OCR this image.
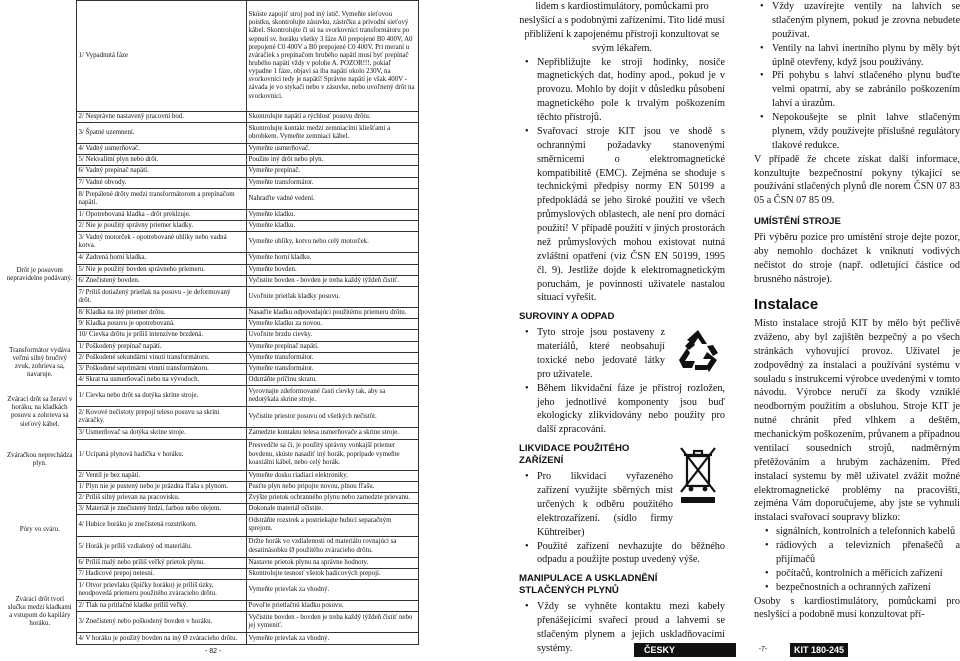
	1/ Vypadnutá fáze	Skúste zapojiť stroj pod iný istič. Vymeňte sieťovou poistku, skontrolujte zásuvku, zástrčku a prívodní sieťový kábel. Skontrolujte či sú na svorkovnici transformátoru po sepnutí sv. horáku všetky 3 fáze A0 prepojené B0 400V, A0 prepojené C0 400V a B0 prepojené C0 400V. Pri meraní u zváračiek s prepínačom hrubého napätí musí byť prepínač hrubého napätí vždy v polohe A. POZOR!!!, pokiaľ vypadne 1 fáze, objaví sa iba napätí okolo 230V, na svorkovnici tedy je napätí! Správne napätí je však 400V - závada je vo stykači nebo v zásuvke, nebo uvoľnený drôt na svorkovnici.
	2/ Nesprávne nastavený pracovní bod.	Skontrolujte napätí a rýchlosť posuvu drôtu.
	3/ Špatné uzemnení.	Skontrolujte kontakt medzi zemniacími kliešťami a obrobkem. Vymeňte zemniací kábel.
	4/ Vadný usmerňovač.	Vymeňte usmerňovač.
	5/ Nekvalitní plyn nebo drôt.	Použite iný drôt nebo plyn.
	6/ Vadný prepínač napätí.	Vymeňte prepínač.
	7/ Vadné obvody.	Vymeňte transformátor.
	8/ Prepálené drôty medzi transformátorom a prepínačom napätí.	Nahraďte vadné vedení.
Drôt je posuvom nepravidelne podávaný.	1/ Opotrebovaná kladka - drôt preklzuje.	Vymeňte kladku.
	2/ Nie je použitý správny priemer kladky.	Vymeňte kladku.
	3/ Vadný motorček - opotrebované uhlíky nebo vadná kotva.	Vymeňte uhlíky, kotvu nebo celý motorček.
	4/ Zadrená horní kladka.	Vymeňte horní kladku.
	5/ Nie je použitý bovden správneho priemeru.	Vymeňte bovden.
	6/ Znečistený bovden.	Vyčistite bovden - bovden je treba každý týždeň čistiť.
	7/ Príliš dotiažený prietlak na posuvu - je deformovaný drôt.	Uvoľnite prietlak kladky posuvu.
	8/ Kladka na iný priemer drôtu.	Nasaďte kladku odpovedajúci použitému priemeru drôtu.
	9/ Kladka posuvu je opotrebovaná.	Vymeňte kladku za novou.
	10/ Cievka drôtu je príliš intenzívne brzdená.	Uvoľnite brzdu cievky.
Transformátor vydáva veľmi silný bručivý zvuk, zohrieva sa, navaruje.	1/ Poškodený prepínač napätí.	Vymeňte prepínač napätí.
	2/ Poškodené sekundárni vinutí transformátoru.	Vymeňte transformátor.
	3/ Poškodené seprimárni vinutí transformátoru.	Vymeňte transformátor.
	4/ Skrat na usmerňovači nebo na vývodoch.	Odstráňte príčinu skratu.
Zvárací drôt sa žeraví v horáku, na kladkách posuvu a zohrieva sa sieťový kábel.	1/ Cievka nebo drôt sa dotýka skrine stroje.	Vyrovnajte zdeformované časti cievky tak, aby sa nedotýkala skrine stroje.
	2/ Kovové nečistoty prepojí teleso posuvu sa skrini zváračky.	Vyčistite priestor posuvu od všetkých nečistôt.
	3/ Usmerňovač sa dotýka skrine stroje.	Zamedzte kontaktu telesa usmerňovače a skrine stroje.
Zváračkou neprechádza plyn.	1/ Ucípaná plynová hadička v horáku.	Presvedčte sa či, je použitý správny vonkajší priemer bovdenu, skúste nasadiť iný horák, poprípade vymeňte koaxiálni kábel, nebo celý horák.
	2/ Ventil je bez napätí.	Vymeňte dosku riadiaci elektroniky.
Póry vo sváru.	1/ Plyn nie je pustený nebo je prázdna fľaša s plynom.	Pusťte plyn nebo pripojte novou, plnou fľašu.
	2/ Príliš silný prievan na pracovisku.	Zvýšte prietok ochranného plynu nebo zamedzte prievanu.
	3/ Materiál je znečistený hrdzí, farbou nebo olejem.	Dokonale materiál očistite.
	4/ Hubice horáku je znečistená rozstrikom.	Odstráňte rozstrek a postriekajte hubicí separačným sprejom.
	5/ Horák je príliš vzdialený od materiálu.	Držte horák vo vzdialenosti od materiálu rovnajúci sa desatinásobku Ø použitého zváracieho drôtu.
	6/ Príliš malý nebo príliš veľký prietok plynu.	Nastavte prietok plynu na správne hodnoty.
	7/ Hadicové prepoj netesní.	Skontrolujte tesnosť všetok hadicových prepojí.
Zvárací drôt tvorí slučku medzi kladkami a vstupom do kapiláry horáku.	1/ Otvor prievlaku (špičky horáku) je príliš úzky, neodpovedá priemeru použitého zváracieho drôtu.	Vymeňte prievlak za vhodný.
	2/ Tlak na prítlačné kladke príliš veľký.	Povoľte prietlačnú kladku posuvu.
	3/ Znečistený nebo poškodený bovden v horáku.	Vyčistite bovden - bovden je treba každý týždeň čistiť nebo jej vymeniť.
	4/ V horáku je použitý bovden na iný Ø zváracieho drôtu.	Vymeňte prievlak za vhodný.
- 82 -

lidem s kardiostimulátory, pomůckami pro neslyšící a s podobnými zařízeními. Tito lidé musí přiblížení k zapojenému přístroji konzultovat se svým lékařem.

• Nepřibližujte ke stroji hodinky, nosiče magnetických dat, hodiny apod., pokud je v provozu. Mohlo by dojít v důsledku působení magnetického pole k trvalým poškozením těchto přístrojů.
• Svařovací stroje KIT jsou ve shodě s ochrannými požadavky stanovenými směrnicemi o elektromagnetické kompatibilitě (EMC). Zejména se shoduje s technickými předpisy normy EN 50199 a předpokládá se jeho široké použití ve všech průmyslových oblastech, ale není pro domácí použití! V případě použití v jiných prostorách než průmyslových mohou existovat nutná zvláštní opatření (viz ČSN EN 50199, 1995 čl. 9). Jestliže dojde k elektromagnetickým poruchám, je povinností uživatele nastalou situaci vyřešit.
SUROVINY A ODPAD
• Tyto stroje jsou postaveny z materiálů, které neobsahují toxické nebo jedovaté látky pro uživatele.
• Během likvidační fáze je přístroj rozložen, jeho jednotlivé komponenty jsou buď ekologicky zlikvidovány nebo použity pro další zpracování.
LIKVIDACE POUŽITÉHO ZAŘÍZENÍ
• Pro likvidaci vyřazeného zařízení využijte sběrných míst určených k odběru použitého elektrozařízení. (sídlo firmy Kühtreiber)
• Použité zařízení nevhazujte do běžného odpadu a použijte postup uvedený výše.
MANIPULACE A USKLADNĚNÍ STLAČENÝCH PLYNŮ
• Vždy se vyhněte kontaktu mezi kabely přenášejícími svařecí proud a lahvemi se stlačeným plynem a jejich uskladňovacími systémy.
• Vždy uzavírejte ventily na lahvích se stlačeným plynem, pokud je zrovna nebudete používat.
• Ventily na lahvi inertního plynu by měly být úplně otevřeny, když jsou používány.
• Při pohybu s lahví stlačeného plynu buďte velmi opatrní, aby se zabránilo poškozením lahví a úrazům.
• Nepokoušejte se plnit lahve stlačeným plynem, vždy používejte příslušné regulátory tlakové redukce.

V případě že chcete získat další informace, konzultujte bezpečnostní pokyny týkající se používání stlačených plynů dle norem ČSN 07 83 05 a ČSN 07 85 09.

UMÍSTĚNÍ STROJE

Při výběru pozice pro umístění stroje dejte pozor, aby nemohlo docházet k vniknutí vodivých nečistot do stroje (např. odletující částice od brusného nástroje).

Instalace

Místo instalace strojů KIT by mělo být pečlivě zváženo, aby byl zajištěn bezpečný a po všech stránkách vyhovující provoz. Uživatel je zodpovědný za instalaci a používání systému v souladu s instrukcemi výrobce uvedenými v tomto návodu. Výrobce neručí za škody vzniklé neodborným použitím a obsluhou. Stroje KIT je nutné chránit před vlhkem a deštěm, mechanickým poškozením, průvanem a případnou ventilací sousedních strojů, nadměrným přetěžováním a hrubým zacházením. Před instalací systemu by měl uživatel zvážit možné elektromagnetické problémy na pracovišti, zejména Vám doporučujeme, aby jste se vyhnuli instalaci svařovací soupravy blízko:

• signálních, kontrolních a telefonních kabelů
• rádiových a televizních přenašečů a přijímačů
• počítačů, kontrolních a měřicích zařízení
• bezpečnostních a ochranných zařízení

Osoby s kardiostimulátory, pomůckami pro neslyšící a podobně musí konzultovat pří-

ČESKY	-7-	KIT 180-245
